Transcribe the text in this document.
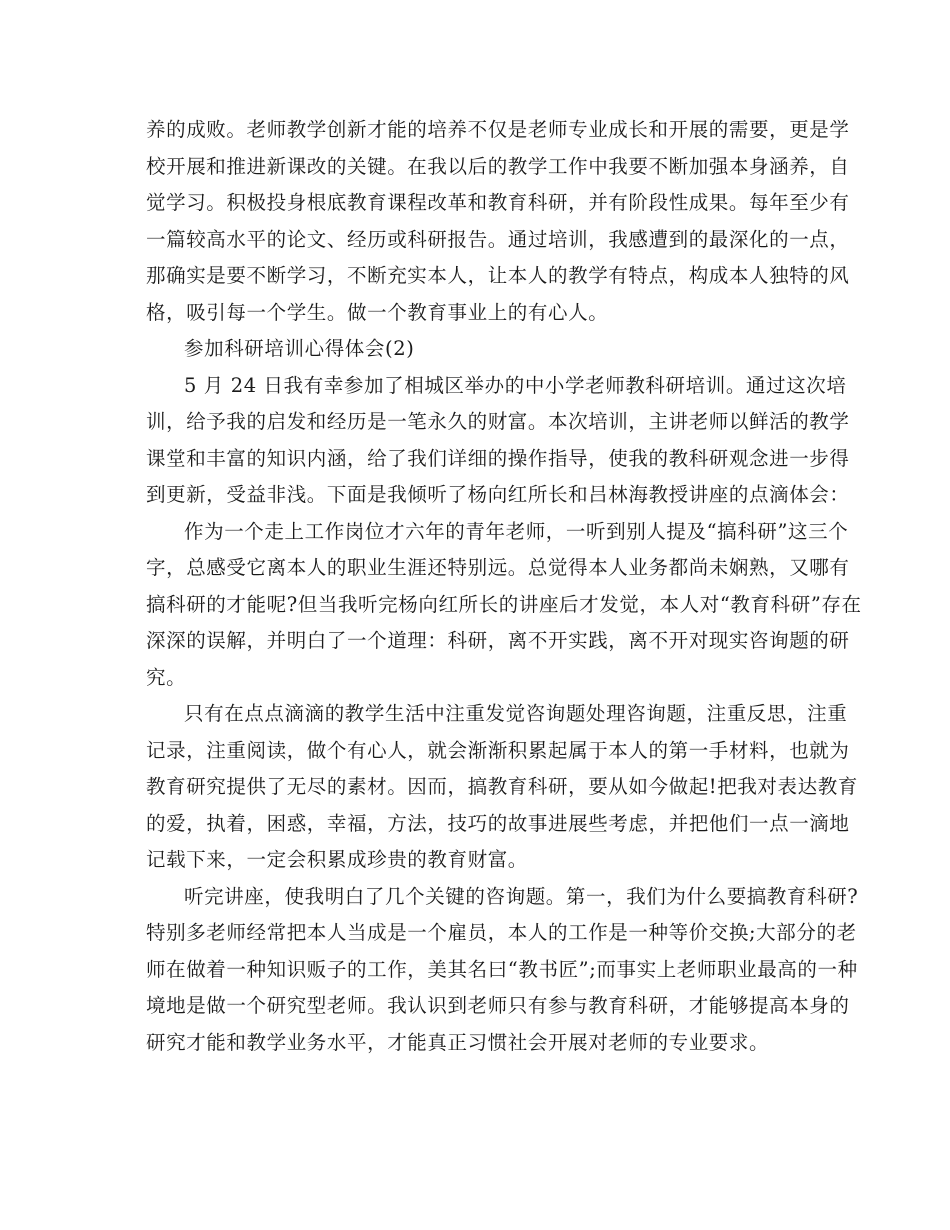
养的成败。老师教学创新才能的培养不仅是老师专业成长和开展的需要，更是学
校开展和推进新课改的关键。在我以后的教学工作中我要不断加强本身涵养，自
觉学习。积极投身根底教育课程改革和教育科研，并有阶段性成果。每年至少有
一篇较高水平的论文、经历或科研报告。通过培训，我感遭到的最深化的一点，
那确实是要不断学习，不断充实本人，让本人的教学有特点，构成本人独特的风
格，吸引每一个学生。做一个教育事业上的有心人。
参加科研培训心得体会(2)
5 月 24 日我有幸参加了相城区举办的中小学老师教科研培训。通过这次培
训，给予我的启发和经历是一笔永久的财富。本次培训，主讲老师以鲜活的教学
课堂和丰富的知识内涵，给了我们详细的操作指导，使我的教科研观念进一步得
到更新，受益非浅。下面是我倾听了杨向红所长和吕林海教授讲座的点滴体会：
作为一个走上工作岗位才六年的青年老师，一听到别人提及“搞科研”这三个
字，总感受它离本人的职业生涯还特别远。总觉得本人业务都尚未娴熟，又哪有
搞科研的才能呢?但当我听完杨向红所长的讲座后才发觉，本人对“教育科研”存在
深深的误解，并明白了一个道理：科研，离不开实践，离不开对现实咨询题的研
究。
只有在点点滴滴的教学生活中注重发觉咨询题处理咨询题，注重反思，注重
记录，注重阅读，做个有心人，就会渐渐积累起属于本人的第一手材料，也就为
教育研究提供了无尽的素材。因而，搞教育科研，要从如今做起!把我对表达教育
的爱，执着，困惑，幸福，方法，技巧的故事进展些考虑，并把他们一点一滴地
记载下来，一定会积累成珍贵的教育财富。
听完讲座，使我明白了几个关键的咨询题。第一，我们为什么要搞教育科研?
特别多老师经常把本人当成是一个雇员，本人的工作是一种等价交换;大部分的老
师在做着一种知识贩子的工作，美其名曰“教书匠”;而事实上老师职业最高的一种
境地是做一个研究型老师。我认识到老师只有参与教育科研，才能够提高本身的
研究才能和教学业务水平，才能真正习惯社会开展对老师的专业要求。
